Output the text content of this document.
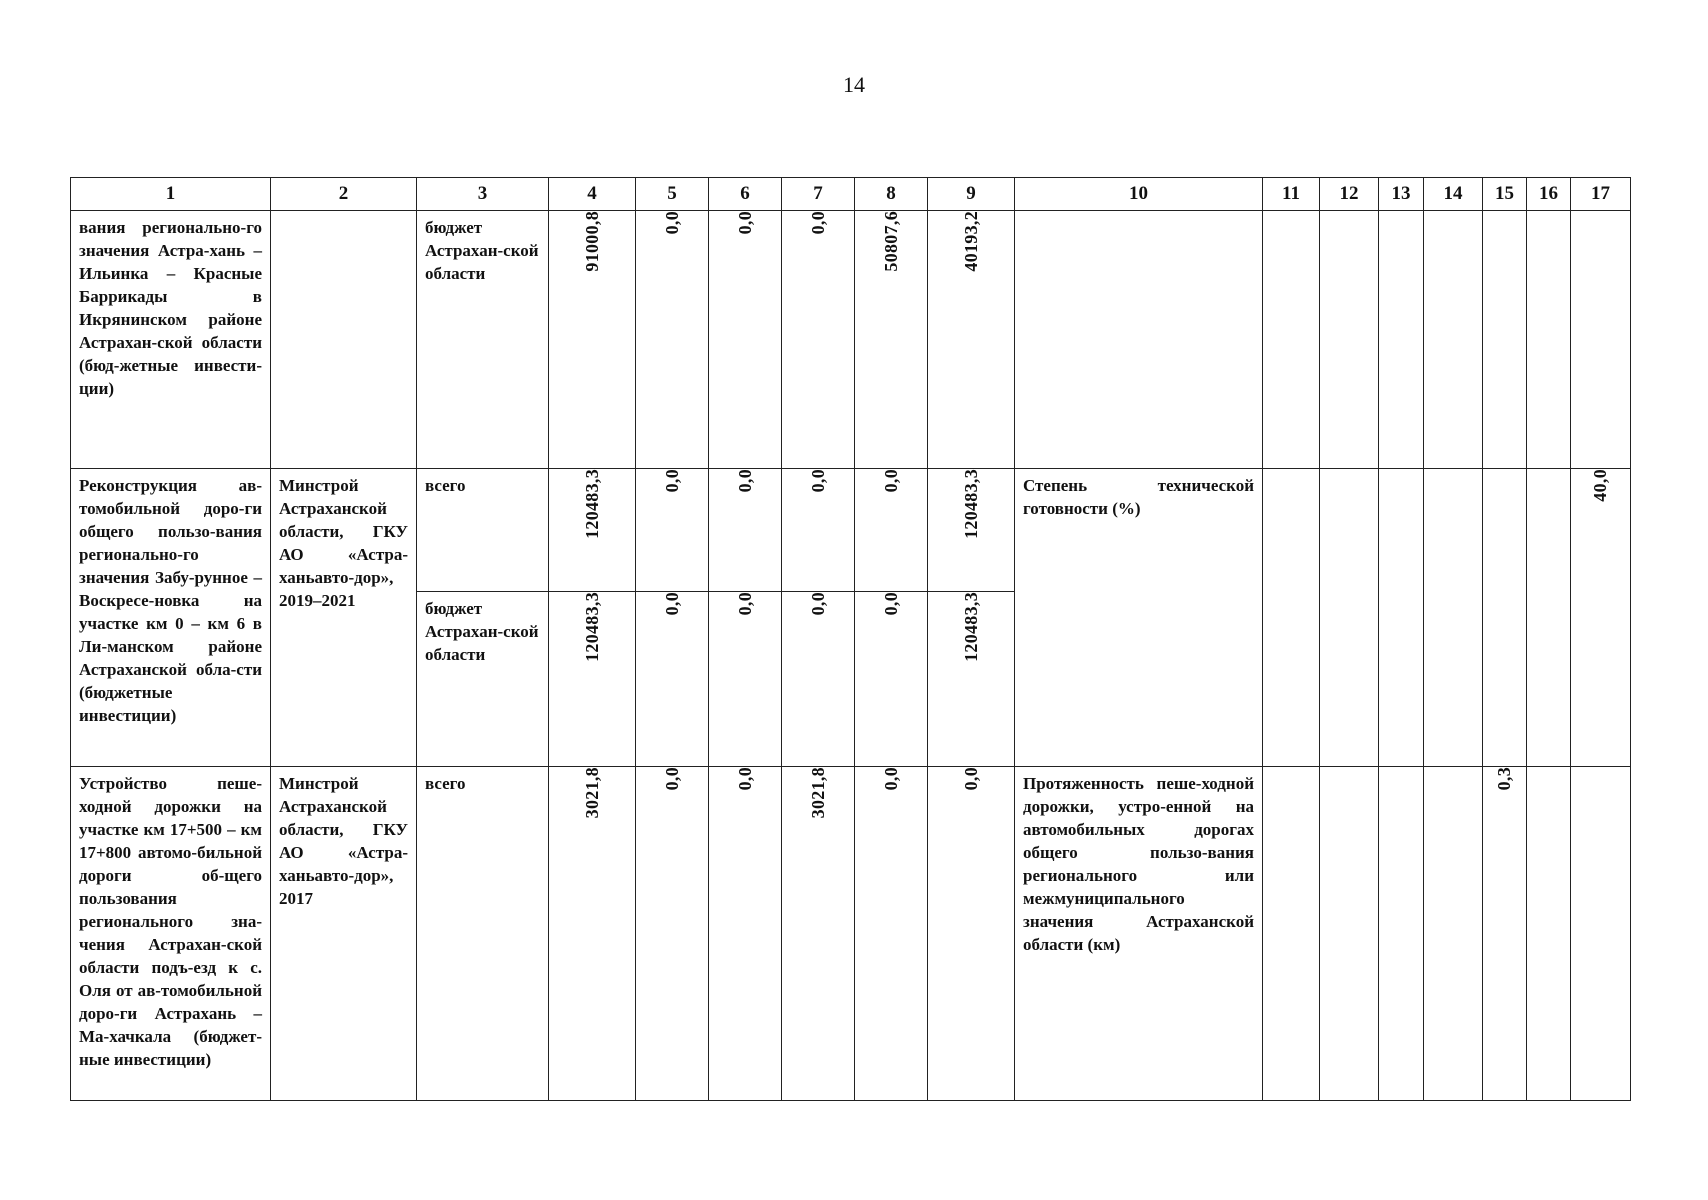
14
1	2	3	4	5	6	7	8	9	10	11	12	13	14	15	16	17

вания регионально-го значения Астра-хань – Ильинка – Красные Баррикады в Икрянинском районе Астрахан-ской области (бюд-жетные инвести-ции)		бюджет Астрахан-ской области	91000,8	0,0	0,0	0,0	50807,6	40193,2	

Реконструкция ав-томобильной доро-ги общего пользо-вания регионально-го значения Забу-рунное – Воскресе-новка на участке км 0 – км 6 в Ли-манском районе Астраханской обла-сти (бюджетные инвестиции)	Минстрой Астраханской области, ГКУ АО «Астра-ханьавто-дор», 2019–2021	всего	120483,3	0,0	0,0	0,0	0,0	120483,3	Степень технической готовности (%)							40,0

		бюджет Астрахан-ской области	120483,3	0,0	0,0	0,0	0,0	120483,3								

Устройство пеше-ходной дорожки на участке км 17+500 – км 17+800 автомо-бильной дороги об-щего пользования регионального зна-чения Астрахан-ской области подъ-езд к с. Оля от ав-томобильной доро-ги Астрахань – Ма-хачкала (бюджет-ные инвестиции)	Минстрой Астраханской области, ГКУ АО «Астра-ханьавто-дор», 2017	всего	3021,8	0,0	0,0	3021,8	0,0	0,0	Протяженность пеше-ходной дорожки, устро-енной на автомобильных дорогах общего пользо-вания регионального или межмуниципального значения Астраханской области (км)					0,3		
